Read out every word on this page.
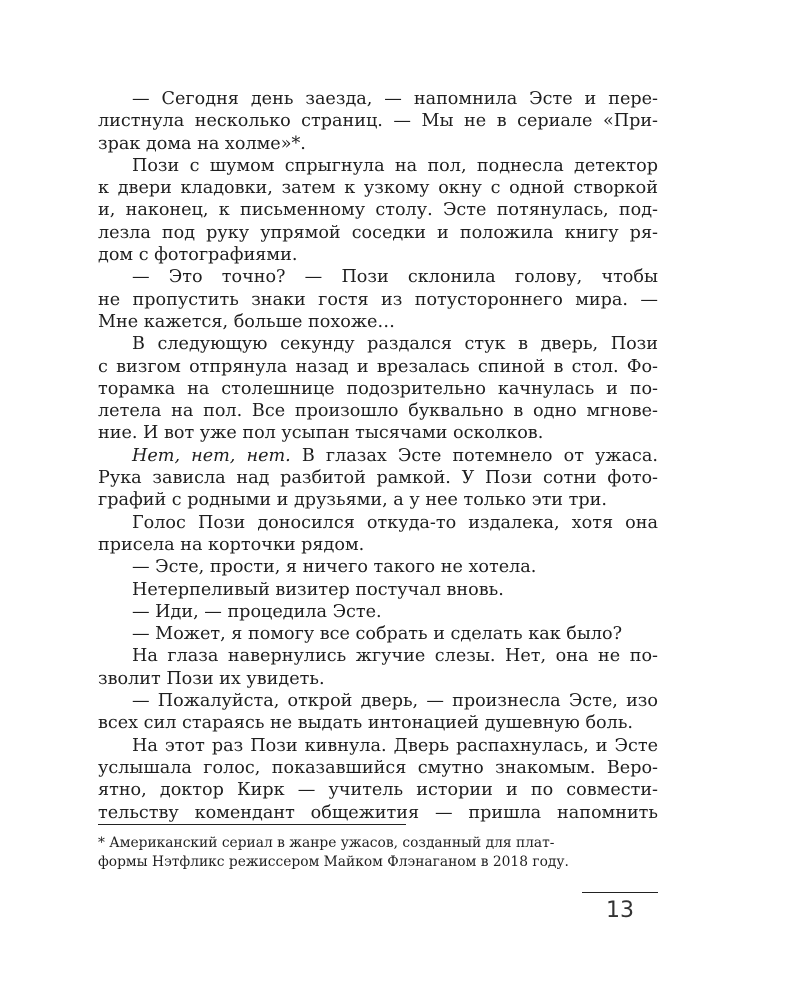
— Сегодня день заезда, — напомнила Эсте и пере-
листнула несколько страниц. — Мы не в сериале «При-
зрак дома на холме»*.
Пози с шумом спрыгнула на пол, поднесла детектор
к двери кладовки, затем к узкому окну с одной створкой
и, наконец, к письменному столу. Эсте потянулась, под-
лезла под руку упрямой соседки и положила книгу ря-
дом с фотографиями.
— Это точно? — Пози склонила голову, чтобы
не пропустить знаки гостя из потустороннего мира. —
Мне кажется, больше похоже…
В следующую секунду раздался стук в дверь, Пози
с визгом отпрянула назад и врезалась спиной в стол. Фо-
торамка на столешнице подозрительно качнулась и по-
летела на пол. Все произошло буквально в одно мгнове-
ние. И вот уже пол усыпан тысячами осколков.
Нет, нет, нет. В глазах Эсте потемнело от ужаса.
Рука зависла над разбитой рамкой. У Пози сотни фото-
графий с родными и друзьями, а у нее только эти три.
Голос Пози доносился откуда-то издалека, хотя она
присела на корточки рядом.
— Эсте, прости, я ничего такого не хотела.
Нетерпеливый визитер постучал вновь.
— Иди, — процедила Эсте.
— Может, я помогу все собрать и сделать как было?
На глаза навернулись жгучие слезы. Нет, она не по-
зволит Пози их увидеть.
— Пожалуйста, открой дверь, — произнесла Эсте, изо
всех сил стараясь не выдать интонацией душевную боль.
На этот раз Пози кивнула. Дверь распахнулась, и Эсте
услышала голос, показавшийся смутно знакомым. Веро-
ятно, доктор Кирк — учитель истории и по совмести-
тельству комендант общежития — пришла напомнить
* Американский сериал в жанре ужасов, созданный для плат-
формы Нэтфликс режиссером Майком Флэнаганом в 2018 году.
13
